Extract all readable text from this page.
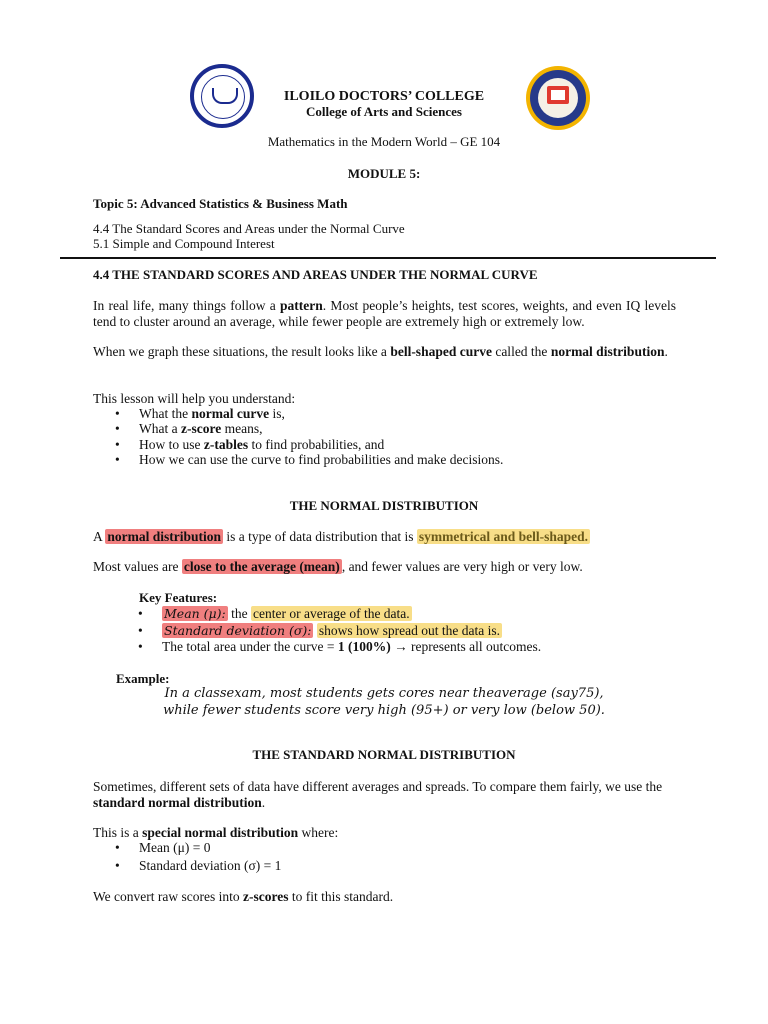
ILOILO DOCTORS’ COLLEGE
College of Arts and Sciences
Mathematics in the Modern World – GE 104
MODULE 5:
Topic 5: Advanced Statistics & Business Math
4.4 The Standard Scores and Areas under the Normal Curve
5.1 Simple and Compound Interest
4.4 THE STANDARD SCORES AND AREAS UNDER THE NORMAL CURVE
In real life, many things follow a pattern. Most people’s heights, test scores, weights, and even IQ levels tend to cluster around an average, while fewer people are extremely high or extremely low.
When we graph these situations, the result looks like a bell-shaped curve called the normal distribution.
This lesson will help you understand:
• What the normal curve is,
• What a z-score means,
• How to use z-tables to find probabilities, and
• How we can use the curve to find probabilities and make decisions.
THE NORMAL DISTRIBUTION
A normal distribution is a type of data distribution that is symmetrical and bell-shaped.
Most values are close to the average (mean) , and fewer values are very high or very low.
Key Features:
• Mean (μ): the center or average of the data.
• Standard deviation (σ): shows how spread out the data is.
• The total area under the curve = 1 (100%) → represents all outcomes.
Example:
In a classexam, most students gets cores near theaverage (say75),
while fewer students score very high (95+) or very low (below 50).
THE STANDARD NORMAL DISTRIBUTION
Sometimes, different sets of data have different averages and spreads. To compare them fairly, we use the standard normal distribution.
This is a special normal distribution where:
• Mean (μ) = 0
• Standard deviation (σ) = 1
We convert raw scores into z-scores to fit this standard.
